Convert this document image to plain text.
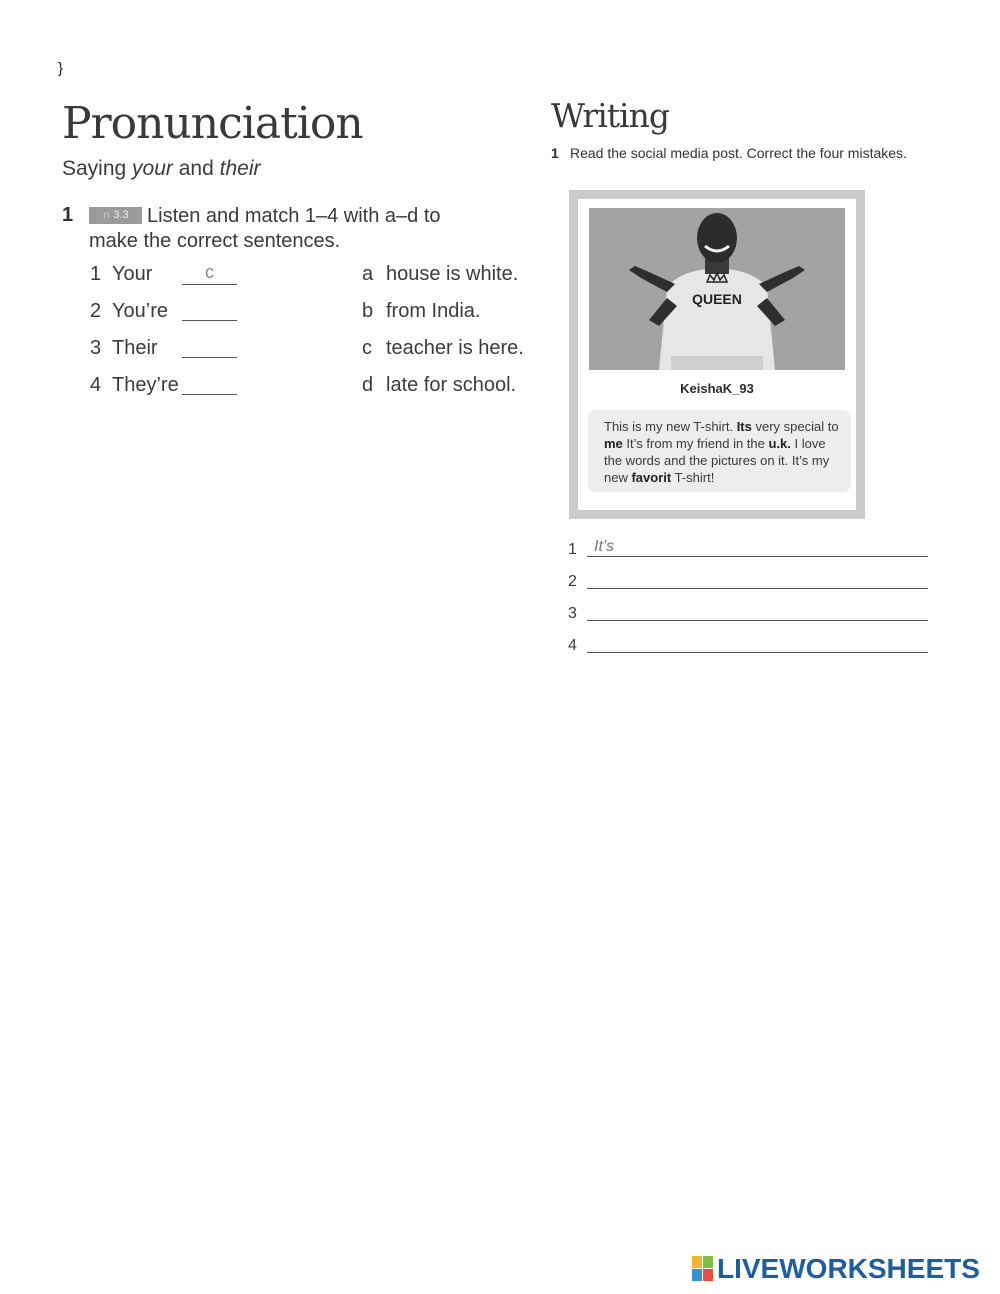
}
Pronunciation
Saying your and their
1	Listen and match 1–4 with a–d to make the correct sentences.
∩ 3.3
1 Your	c
2 You’re
3 Their
4 They’re
a house is white.
b from India.
c teacher is here.
d late for school.
Writing
1 Read the social media post. Correct the four mistakes.
QUEEN
KeishaK_93
This is my new T-shirt. Its very special to me It’s from my friend in the u.k. I love the words and the pictures on it. It’s my new favorit T-shirt!
1 It’s
2
3
4
LIVEWORKSHEETS
